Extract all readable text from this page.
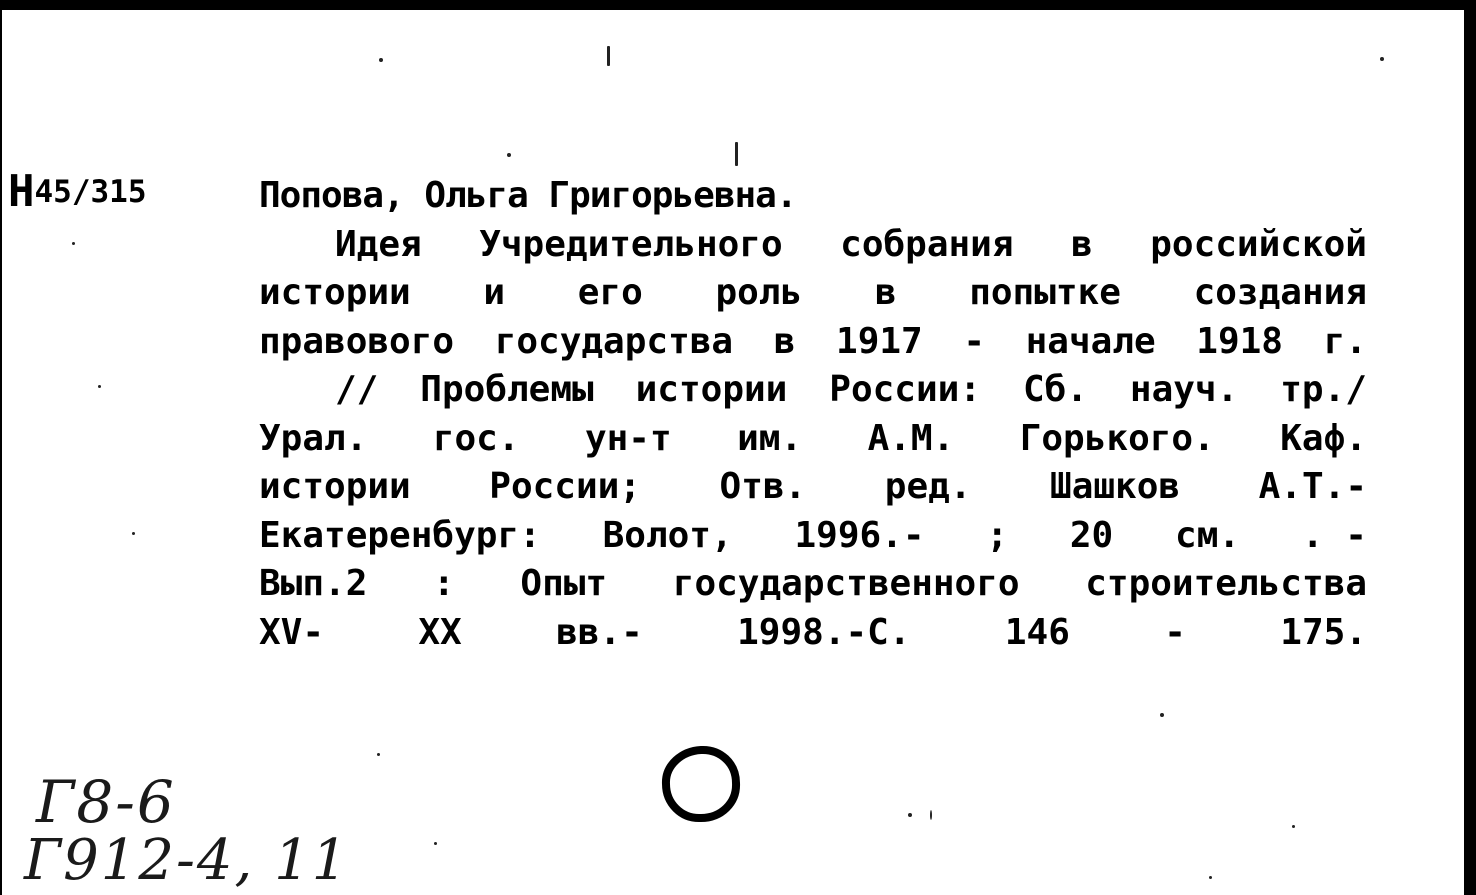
Н45/315	Попова, Ольга Григорьевна.
Идея Учредительного собрания в российской
истории и его роль в попытке создания
правового государства в 1917 - начале 1918 г.
// Проблемы истории России: Сб. науч. тр./
Урал. гос. ун-т им. А.М. Горького. Каф.
истории России; Отв. ред. Шашков А.Т.-
Екатеренбург: Волот, 1996.- ; 20 см. . -
Вып.2 : Опыт государственного строительства
XV-	XX	вв.-	1998.-С.	146	-	175.
Г8-6
Г912-4, 11
